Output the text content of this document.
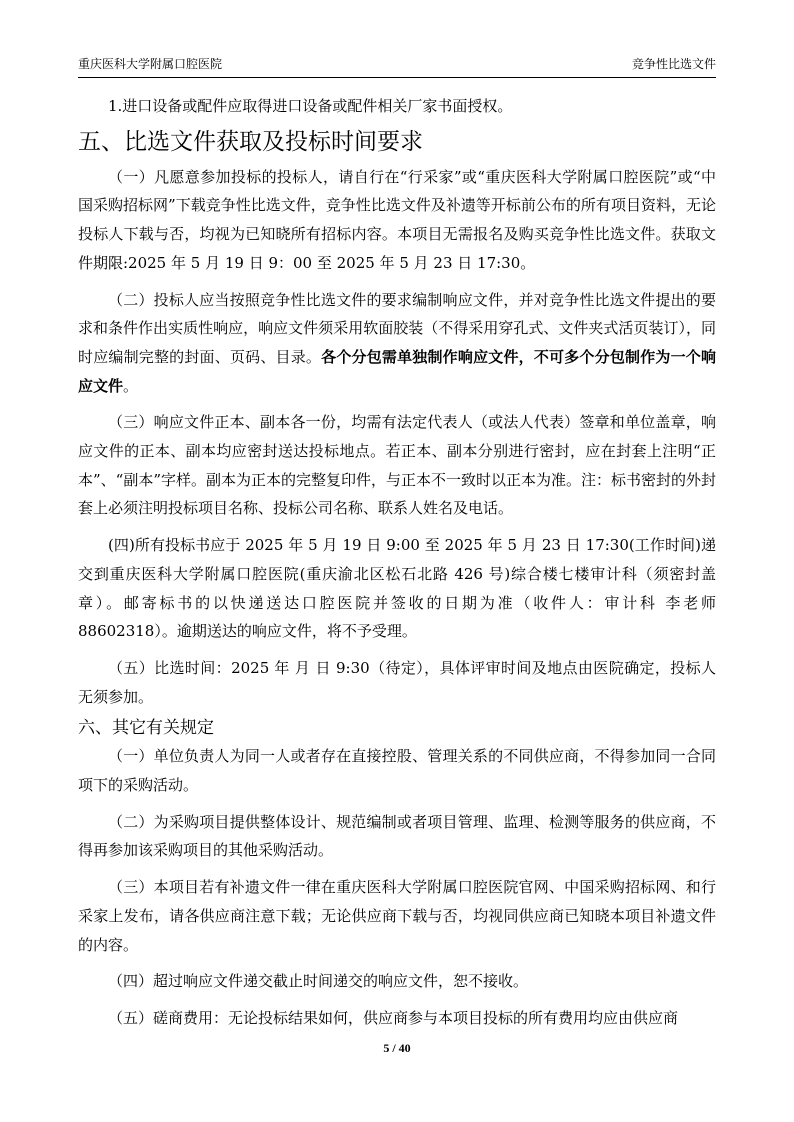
重庆医科大学附属口腔医院	竞争性比选文件

1.进口设备或配件应取得进口设备或配件相关厂家书面授权。

五、比选文件获取及投标时间要求

（一）凡愿意参加投标的投标人，请自行在“行采家”或“重庆医科大学附属口腔医院”或“中国采购招标网”下载竞争性比选文件，竞争性比选文件及补遗等开标前公布的所有项目资料，无论投标人下载与否，均视为已知晓所有招标内容。本项目无需报名及购买竞争性比选文件。获取文件期限:2025 年 5 月 19 日 9：00 至 2025 年 5 月 23 日 17:30。

（二）投标人应当按照竞争性比选文件的要求编制响应文件，并对竞争性比选文件提出的要求和条件作出实质性响应，响应文件须采用软面胶装（不得采用穿孔式、文件夹式活页装订），同时应编制完整的封面、页码、目录。各个分包需单独制作响应文件，不可多个分包制作为一个响应文件。

（三）响应文件正本、副本各一份，均需有法定代表人（或法人代表）签章和单位盖章，响应文件的正本、副本均应密封送达投标地点。若正本、副本分别进行密封，应在封套上注明“正本”、“副本”字样。副本为正本的完整复印件，与正本不一致时以正本为准。注：标书密封的外封套上必须注明投标项目名称、投标公司名称、联系人姓名及电话。

(四)所有投标书应于 2025 年 5 月 19 日 9:00 至 2025 年 5 月 23 日 17:30(工作时间)递交到重庆医科大学附属口腔医院(重庆渝北区松石北路 426 号)综合楼七楼审计科（须密封盖章）。邮寄标书的以快递送达口腔医院并签收的日期为准（收件人：审计科 李老师 88602318）。逾期送达的响应文件，将不予受理。

（五）比选时间：2025 年 月 日 9:30（待定），具体评审时间及地点由医院确定，投标人无须参加。

六、其它有关规定

（一）单位负责人为同一人或者存在直接控股、管理关系的不同供应商，不得参加同一合同项下的采购活动。

（二）为采购项目提供整体设计、规范编制或者项目管理、监理、检测等服务的供应商，不得再参加该采购项目的其他采购活动。

（三）本项目若有补遗文件一律在重庆医科大学附属口腔医院官网、中国采购招标网、和行采家上发布，请各供应商注意下载；无论供应商下载与否，均视同供应商已知晓本项目补遗文件的内容。

（四）超过响应文件递交截止时间递交的响应文件，恕不接收。

（五）磋商费用：无论投标结果如何，供应商参与本项目投标的所有费用均应由供应商

5 / 40
